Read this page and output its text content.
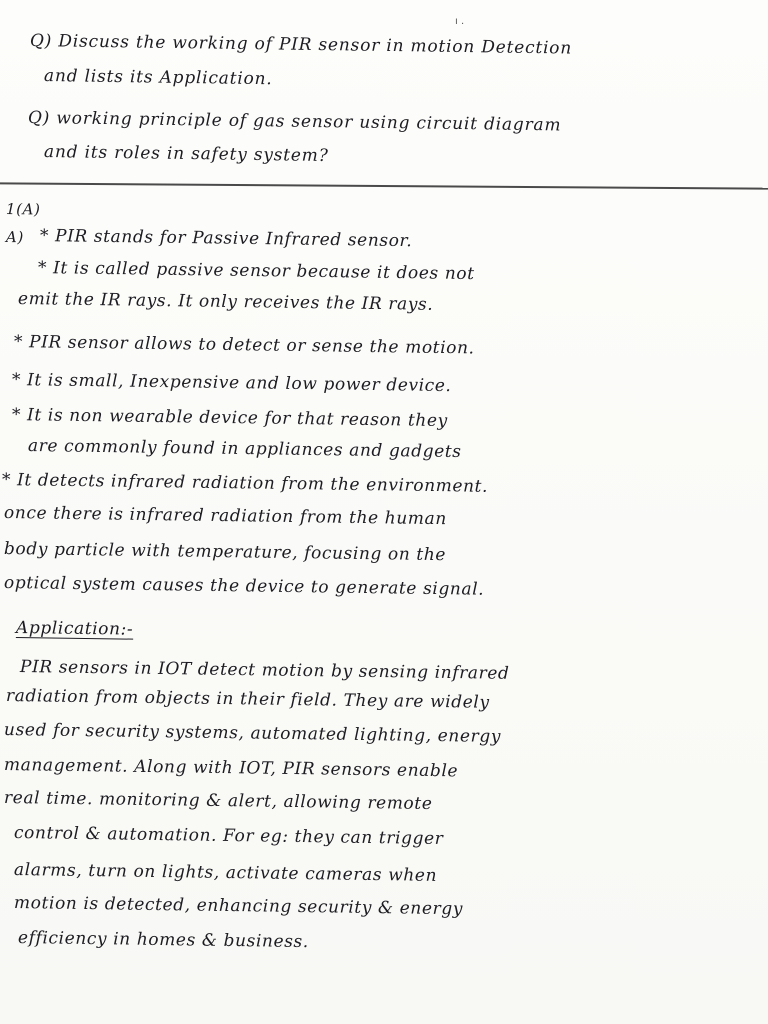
ı .
Q) Discuss the working of PIR sensor in motion Detection
and lists its Application.
Q) working principle of gas sensor using circuit diagram
and its roles in safety system?
1(A)
A) * PIR stands for Passive Infrared sensor.
* It is called passive sensor because it does not
emit the IR rays. It only receives the IR rays.
* PIR sensor allows to detect or sense the motion.
* It is small, Inexpensive and low power device.
* It is non wearable device for that reason they
are commonly found in appliances and gadgets
* It detects infrared radiation from the environment.
once there is infrared radiation from the human
body particle with temperature, focusing on the
optical system causes the device to generate signal.
Application:-
PIR sensors in IOT detect motion by sensing infrared
radiation from objects in their field. They are widely
used for security systems, automated lighting, energy
management. Along with IOT, PIR sensors enable
real time. monitoring & alert, allowing remote
control & automation. For eg: they can trigger
alarms, turn on lights, activate cameras when
motion is detected, enhancing security & energy
efficiency in homes & business.
